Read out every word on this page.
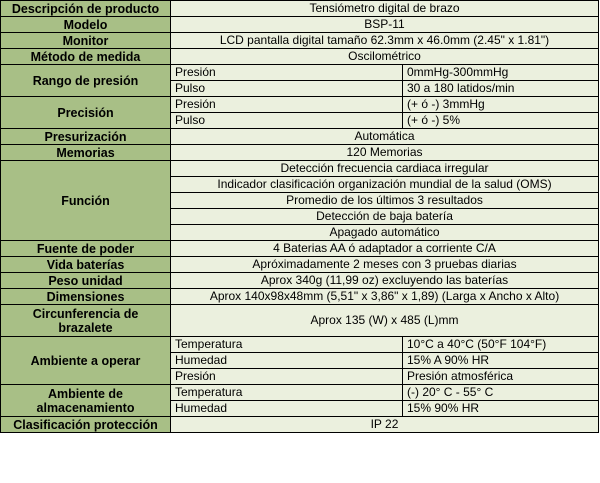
Descripción de producto	Tensiómetro digital de brazo	
Modelo	BSP-11	
Monitor	LCD pantalla digital tamaño 62.3mm x 46.0mm (2.45" x 1.81")	
Método de medida	Oscilométrico	
Rango de presión	Presión	0mmHg-300mmHg
	Pulso	30 a 180 latidos/min
Precisión	Presión	(+ ó -) 3mmHg
	Pulso	(+ ó -) 5%
Presurización	Automática	
Memorias	120 Memorias	
Función	Detección frecuencia cardiaca irregular	
	Indicador clasificación organización mundial de la salud (OMS)	
	Promedio de los últimos 3 resultados	
	Detección de baja batería	
	Apagado automático	
Fuente de poder	4 Baterias AA ó adaptador a corriente C/A	
Vida baterías	Apróximadamente 2 meses con 3 pruebas diarias	
Peso unidad	Aprox 340g (11,99 oz) excluyendo las baterías	
Dimensiones	Aprox 140x98x48mm (5,51" x 3,86" x 1,89) (Larga x Ancho x Alto)	
Circunferencia de brazalete	Aprox 135 (W) x 485 (L)mm	
Ambiente a operar	Temperatura	10°C a 40°C (50°F 104°F)
	Humedad	15% A 90% HR
	Presión	Presión atmosférica
Ambiente de almacenamiento	Temperatura	(-) 20° C - 55° C
	Humedad	15% 90% HR
Clasificación protección	IP 22	
